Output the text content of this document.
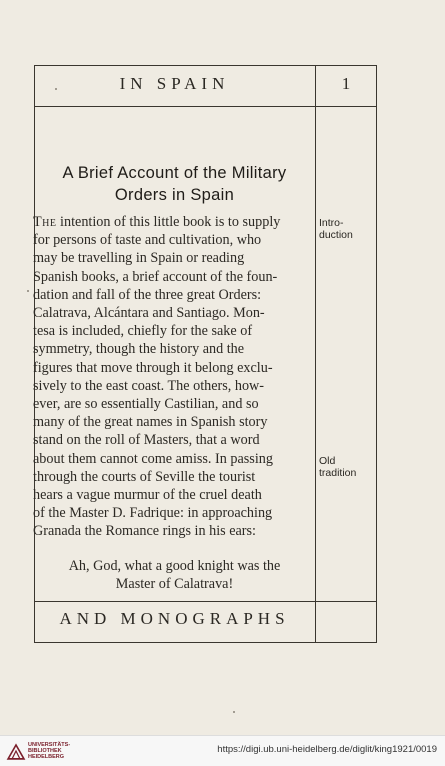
IN SPAIN	1
A Brief Account of the Military
Orders in Spain
The intention of this little book is to supply
for persons of taste and cultivation, who
may be travelling in Spain or reading
Spanish books, a brief account of the foun-
dation and fall of the three great Orders:
Calatrava, Alcántara and Santiago. Mon-
tesa is included, chiefly for the sake of
symmetry, though the history and the
figures that move through it belong exclu-
sively to the east coast. The others, how-
ever, are so essentially Castilian, and so
many of the great names in Spanish story
stand on the roll of Masters, that a word
about them cannot come amiss. In passing
through the courts of Seville the tourist
hears a vague murmur of the cruel death
of the Master D. Fadrique: in approaching
Granada the Romance rings in his ears:
Ah, God, what a good knight was the
Master of Calatrava!
Intro-
duction
Old
tradition
AND MONOGRAPHS
UNIVERSITÄTS-
BIBLIOTHEK
HEIDELBERG
https://digi.ub.uni-heidelberg.de/diglit/king1921/0019
